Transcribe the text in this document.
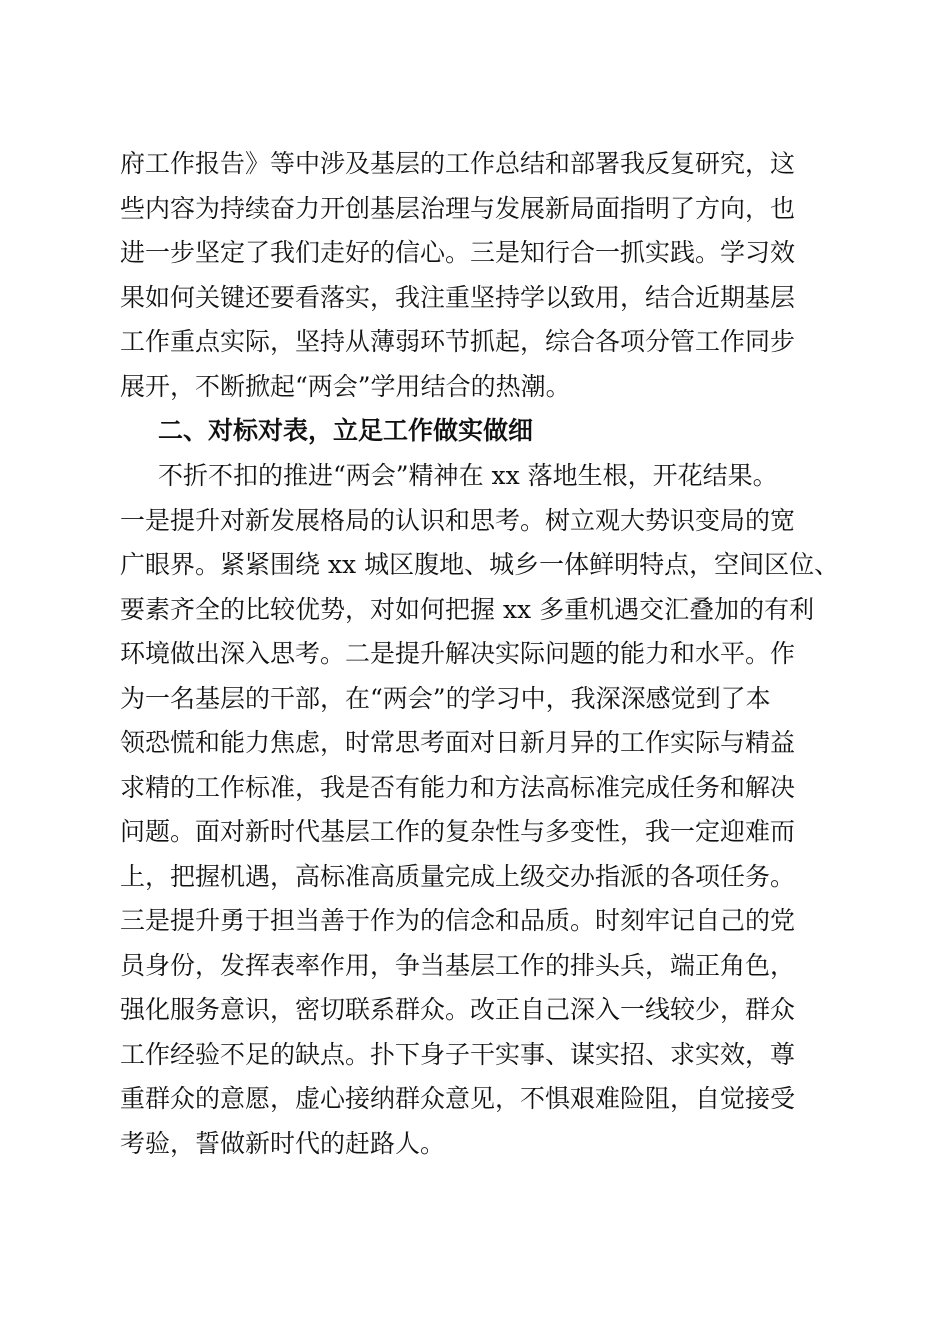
府工作报告》等中涉及基层的工作总结和部署我反复研究，这
些内容为持续奋力开创基层治理与发展新局面指明了方向，也
进一步坚定了我们走好的信心。三是知行合一抓实践。学习效
果如何关键还要看落实，我注重坚持学以致用，结合近期基层
工作重点实际，坚持从薄弱环节抓起，综合各项分管工作同步
展开，不断掀起“两会”学用结合的热潮。
二、对标对表，立足工作做实做细
不折不扣的推进“两会”精神在 xx 落地生根，开花结果。
一是提升对新发展格局的认识和思考。树立观大势识变局的宽
广眼界。紧紧围绕 xx 城区腹地、城乡一体鲜明特点，空间区位、
要素齐全的比较优势，对如何把握 xx 多重机遇交汇叠加的有利
环境做出深入思考。二是提升解决实际问题的能力和水平。作
为一名基层的干部，在“两会”的学习中，我深深感觉到了本
领恐慌和能力焦虑，时常思考面对日新月异的工作实际与精益
求精的工作标准，我是否有能力和方法高标准完成任务和解决
问题。面对新时代基层工作的复杂性与多变性，我一定迎难而
上，把握机遇，高标准高质量完成上级交办指派的各项任务。
三是提升勇于担当善于作为的信念和品质。时刻牢记自己的党
员身份，发挥表率作用，争当基层工作的排头兵，端正角色，
强化服务意识，密切联系群众。改正自己深入一线较少，群众
工作经验不足的缺点。扑下身子干实事、谋实招、求实效，尊
重群众的意愿，虚心接纳群众意见，不惧艰难险阻，自觉接受
考验，誓做新时代的赶路人。
